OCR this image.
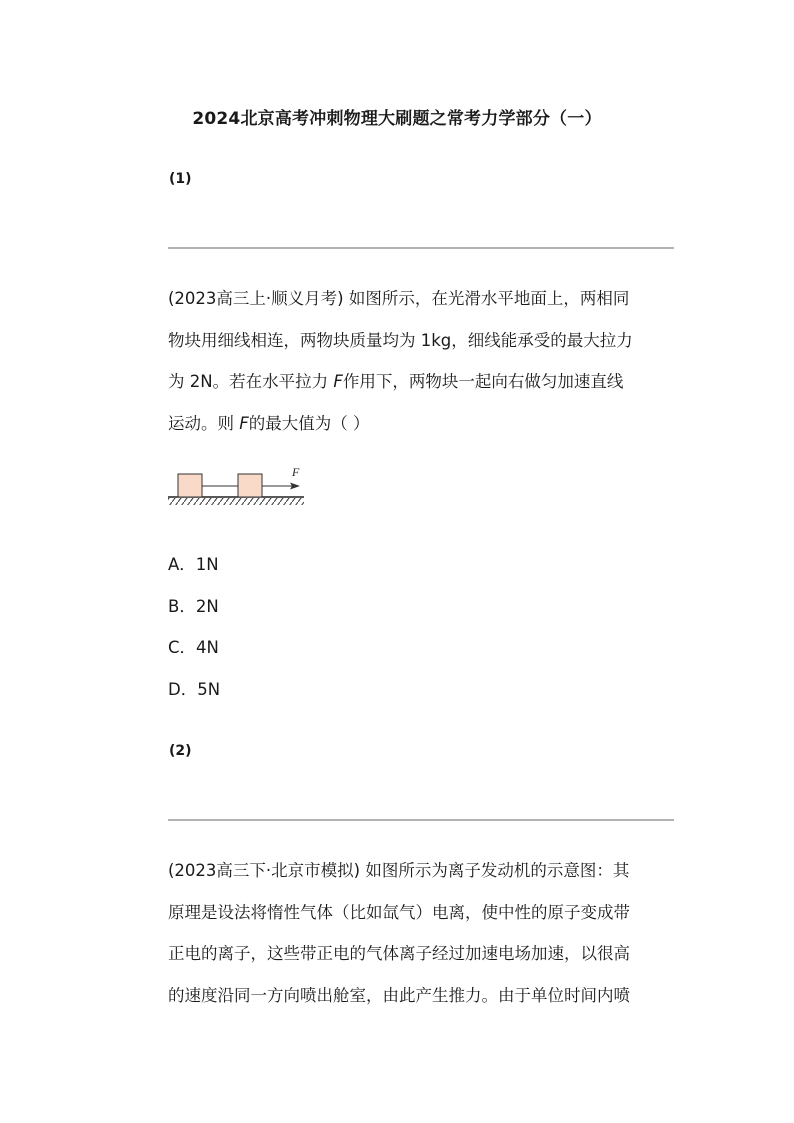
2024北京高考冲刺物理大刷题之常考力学部分（一）
(1)
(2023高三上·顺义月考) 如图所示，在光滑水平地面上，两相同
物块用细线相连，两物块质量均为 1kg，细线能承受的最大拉力
为 2N。若在水平拉力 F作用下，两物块一起向右做匀加速直线
运动。则 F的最大值为（ ）
F
A．1N
B．2N
C．4N
D．5N
(2)
(2023高三下·北京市模拟) 如图所示为离子发动机的示意图：其
原理是设法将惰性气体（比如氙气）电离，使中性的原子变成带
正电的离子，这些带正电的气体离子经过加速电场加速，以很高
的速度沿同一方向喷出舱室，由此产生推力。由于单位时间内喷
